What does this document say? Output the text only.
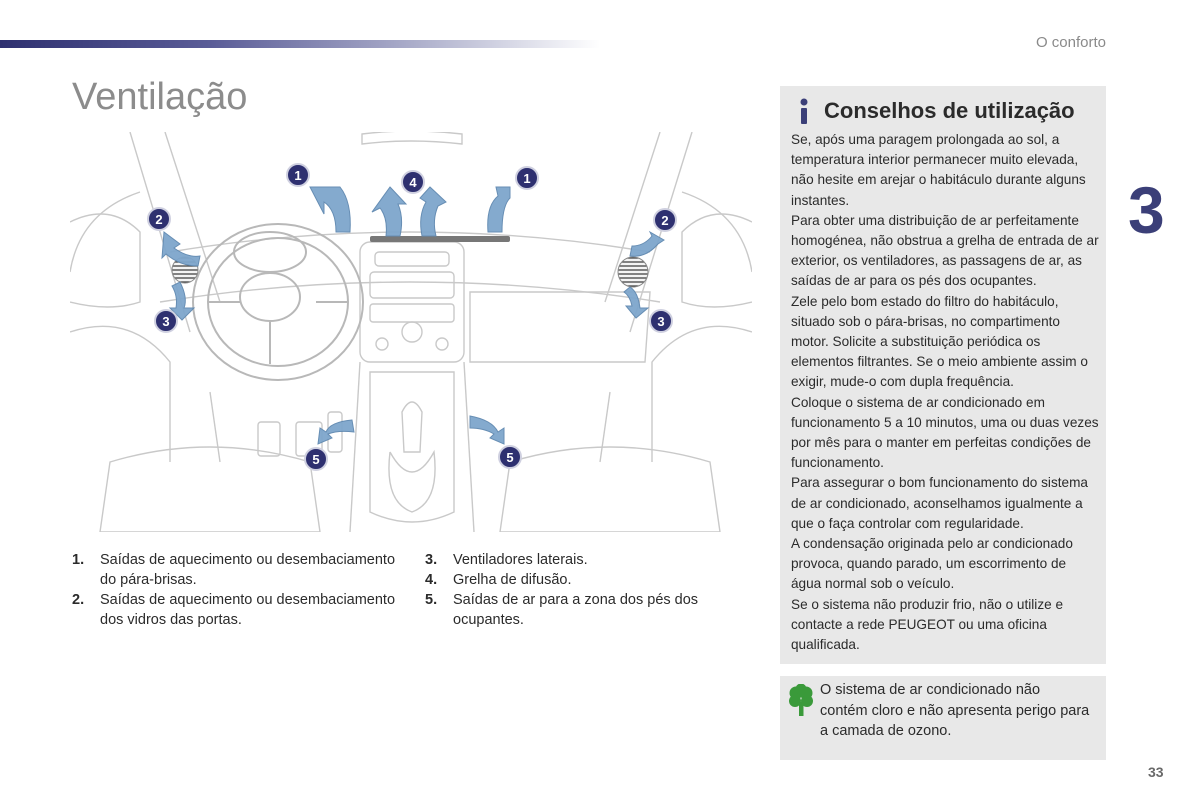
O conforto
Ventilação
3
33
1	4	1
2	2
3	3
5	5
1.	Saídas de aquecimento ou desembaciamento do pára-brisas.
2.	Saídas de aquecimento ou desembaciamento dos vidros das portas.
3.	Ventiladores laterais.
4.	Grelha de difusão.
5.	Saídas de ar para a zona dos pés dos ocupantes.
Conselhos de utilização

Se, após uma paragem prolongada ao sol, a temperatura interior permanecer muito elevada, não hesite em arejar o habitáculo durante alguns instantes.

Para obter uma distribuição de ar perfeitamente homogénea, não obstrua a grelha de entrada de ar exterior, os ventiladores, as passagens de ar, as saídas de ar para os pés dos ocupantes.

Zele pelo bom estado do filtro do habitáculo, situado sob o pára-brisas, no compartimento motor. Solicite a substituição periódica os elementos filtrantes. Se o meio ambiente assim o exigir, mude-o com dupla frequência.

Coloque o sistema de ar condicionado em funcionamento 5 a 10 minutos, uma ou duas vezes por mês para o manter em perfeitas condições de funcionamento.

Para assegurar o bom funcionamento do sistema de ar condicionado, aconselhamos igualmente a que o faça controlar com regularidade.

A condensação originada pelo ar condicionado provoca, quando parado, um escorrimento de água normal sob o veículo.

Se o sistema não produzir frio, não o utilize e contacte a rede PEUGEOT ou uma oficina qualificada.

O sistema de ar condicionado não contém cloro e não apresenta perigo para a camada de ozono.
